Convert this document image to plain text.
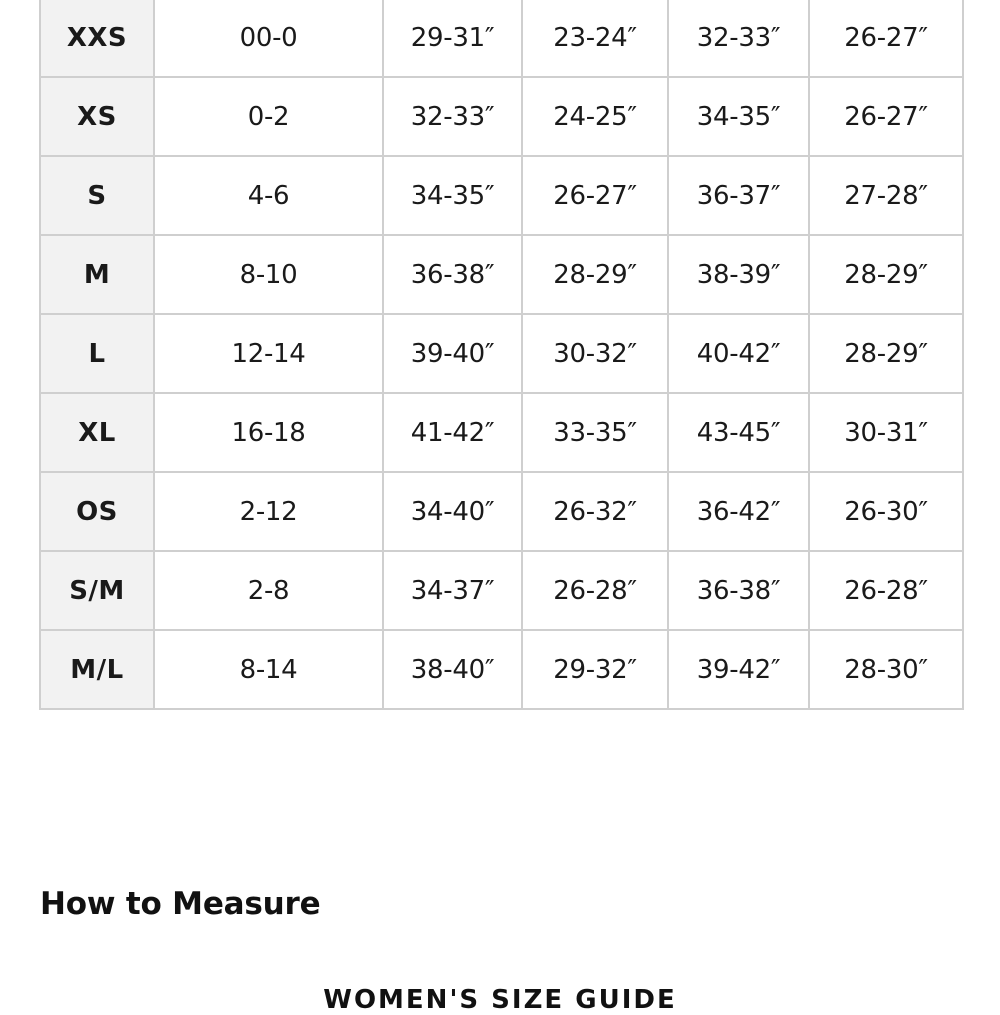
XXS	00-0	29-31″	23-24″	32-33″	26-27″
XS	0-2	32-33″	24-25″	34-35″	26-27″
S	4-6	34-35″	26-27″	36-37″	27-28″
M	8-10	36-38″	28-29″	38-39″	28-29″
L	12-14	39-40″	30-32″	40-42″	28-29″
XL	16-18	41-42″	33-35″	43-45″	30-31″
OS	2-12	34-40″	26-32″	36-42″	26-30″
S/M	2-8	34-37″	26-28″	36-38″	26-28″
M/L	8-14	38-40″	29-32″	39-42″	28-30″
How to Measure
WOMEN'S SIZE GUIDE
